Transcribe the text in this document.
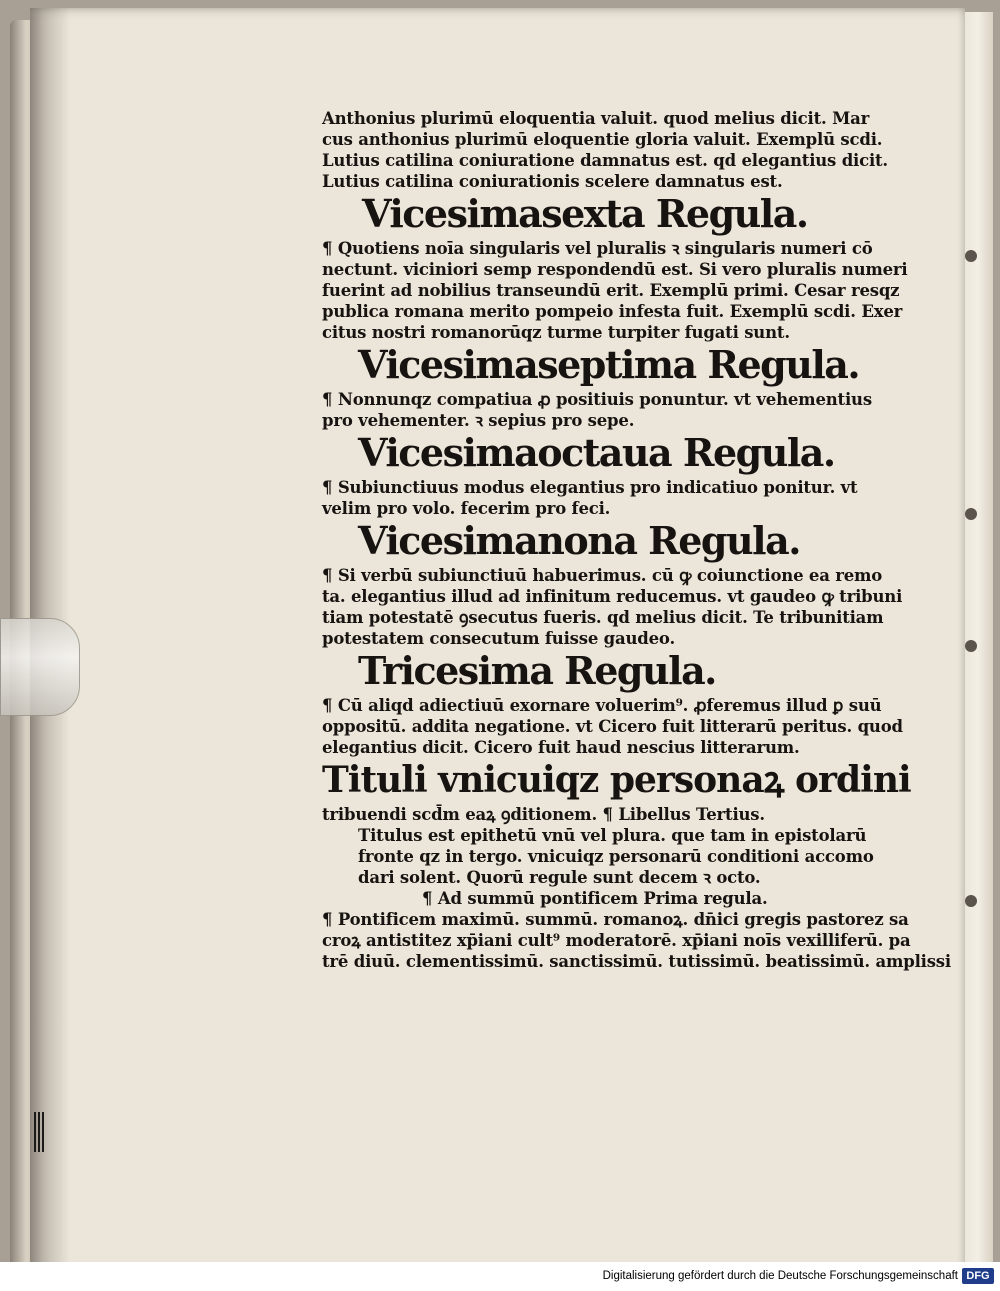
Anthonius plurimū eloquentia valuit. quod melius dicit. Mar
cus anthonius plurimū eloquentie gloria valuit. Exemplū scdi.
Lutius catilina coniuratione damnatus est. qd elegantius dicit.
Lutius catilina coniurationis scelere damnatus est.
Vicesimasexta Regula.
¶ Quotiens noīa singularis vel pluralis ꝛ singularis numeri cō
nectunt. viciniori semp respondendū est. Si vero pluralis numeri
fuerint ad nobilius transeundū erit. Exemplū primi. Cesar resqz
publica romana merito pompeio infesta fuit. Exemplū scdi. Exer
citus nostri romanorūqz turme turpiter fugati sunt.
Vicesimaseptima Regula.
¶ Nonnunqz compatiua ꝓ positiuis ponuntur. vt vehementius
pro vehementer. ꝛ sepius pro sepe.
Vicesimaoctaua Regula.
¶ Subiunctiuus modus elegantius pro indicatiuo ponitur. vt
velim pro volo. fecerim pro feci.
Vicesimanona Regula.
¶ Si verbū subiunctiuū habuerimus. cū ꝙ coiunctione ea remo
ta. elegantius illud ad infinitum reducemus. vt gaudeo ꝙ tribuni
tiam potestatē ꝯsecutus fueris. qd melius dicit. Te tribunitiam
potestatem consecutum fuisse gaudeo.
Tricesima Regula.
¶ Cū aliqd adiectiuū exornare voluerim⁹. ꝓferemus illud ꝑ suū
oppositū. addita negatione. vt Cicero fuit litterarū peritus. quod
elegantius dicit. Cicero fuit haud nescius litterarum.
Tituli vnicuiqz personaꝝ ordini
tribuendi scd̄m eaꝝ ꝯditionem. ¶ Libellus Tertius.
Titulus est epithetū vnū vel plura. que tam in epistolarū
fronte qz in tergo. vnicuiqz personarū conditioni accomo
dari solent. Quorū regule sunt decem ꝛ octo.
¶ Ad summū pontificem Prima regula.
¶ Pontificem maximū. summū. romanoꝝ. dn̄ici gregis pastorez sa
croꝝ antistitez xp̄iani cult⁹ moderatorē. xp̄iani noīs vexilliferū. pa
trē diuū. clementissimū. sanctissimū. tutissimū. beatissimū. amplissi
Digitalisierung gefördert durch die Deutsche Forschungsgemeinschaft DFG
